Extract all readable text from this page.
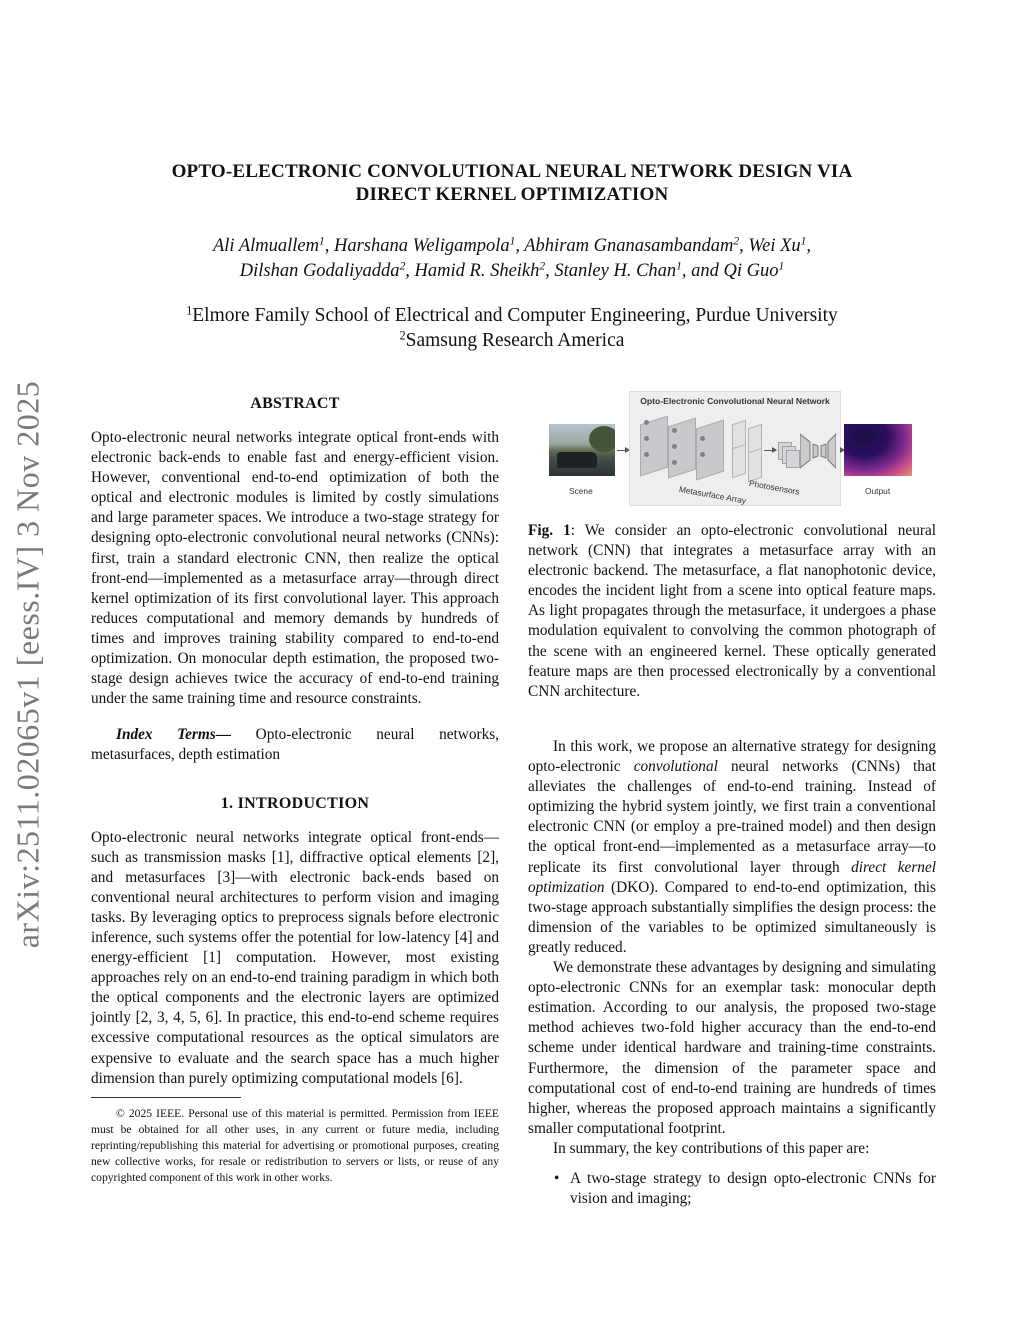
arXiv:2511.02065v1 [eess.IV] 3 Nov 2025
OPTO-ELECTRONIC CONVOLUTIONAL NEURAL NETWORK DESIGN VIA
DIRECT KERNEL OPTIMIZATION
Ali Almuallem$^1$, Harshana Weligampola$^1$, Abhiram Gnanasambandam$^2$, Wei Xu$^1$,
Dilshan Godaliyadda$^2$, Hamid R. Sheikh$^2$, Stanley H. Chan$^1$, and Qi Guo$^1$
$^1$Elmore Family School of Electrical and Computer Engineering, Purdue University
$^2$Samsung Research America
ABSTRACT

Opto-electronic neural networks integrate optical front-ends with electronic back-ends to enable fast and energy-efficient vision. However, conventional end-to-end optimization of both the optical and electronic modules is limited by costly simulations and large parameter spaces. We introduce a two-stage strategy for designing opto-electronic convolutional neural networks (CNNs): first, train a standard electronic CNN, then realize the optical front-end—implemented as a metasurface array—through direct kernel optimization of its first convolutional layer. This approach reduces computational and memory demands by hundreds of times and improves training stability compared to end-to-end optimization. On monocular depth estimation, the proposed two-stage design achieves twice the accuracy of end-to-end training under the same training time and resource constraints.

Index Terms— Opto-electronic neural networks, metasurfaces, depth estimation

1. INTRODUCTION

Opto-electronic neural networks integrate optical front-ends—such as transmission masks [1], diffractive optical elements [2], and metasurfaces [3]—with electronic back-ends based on conventional neural architectures to perform vision and imaging tasks. By leveraging optics to preprocess signals before electronic inference, such systems offer the potential for low-latency [4] and energy-efficient [1] computation. However, most existing approaches rely on an end-to-end training paradigm in which both the optical components and the electronic layers are optimized jointly [2, 3, 4, 5, 6]. In practice, this end-to-end scheme requires excessive computational resources as the optical simulators are expensive to evaluate and the search space has a much higher dimension than purely optimizing computational models [6].

© 2025 IEEE. Personal use of this material is permitted. Permission from IEEE must be obtained for all other uses, in any current or future media, including reprinting/republishing this material for advertising or promotional purposes, creating new collective works, for resale or redistribution to servers or lists, or reuse of any copyrighted component of this work in other works.
Scene
Opto-Electronic Convolutional Neural Network
Metasurface Array Photosensors	Output
Fig. 1: We consider an opto-electronic convolutional neural network (CNN) that integrates a metasurface array with an electronic backend. The metasurface, a flat nanophotonic device, encodes the incident light from a scene into optical feature maps. As light propagates through the metasurface, it undergoes a phase modulation equivalent to convolving the common photograph of the scene with an engineered kernel. These optically generated feature maps are then processed electronically by a conventional CNN architecture.

In this work, we propose an alternative strategy for designing opto-electronic convolutional neural networks (CNNs) that alleviates the challenges of end-to-end training. Instead of optimizing the hybrid system jointly, we first train a conventional electronic CNN (or employ a pre-trained model) and then design the optical front-end—implemented as a metasurface array—to replicate its first convolutional layer through direct kernel optimization (DKO). Compared to end-to-end optimization, this two-stage approach substantially simplifies the design process: the dimension of the variables to be optimized simultaneously is greatly reduced.

We demonstrate these advantages by designing and simulating opto-electronic CNNs for an exemplar task: monocular depth estimation. According to our analysis, the proposed two-stage method achieves two-fold higher accuracy than the end-to-end scheme under identical hardware and training-time constraints. Furthermore, the dimension of the parameter space and computational cost of end-to-end training are hundreds of times higher, whereas the proposed approach maintains a significantly smaller computational footprint.

In summary, the key contributions of this paper are:

• A two-stage strategy to design opto-electronic CNNs for vision and imaging;
